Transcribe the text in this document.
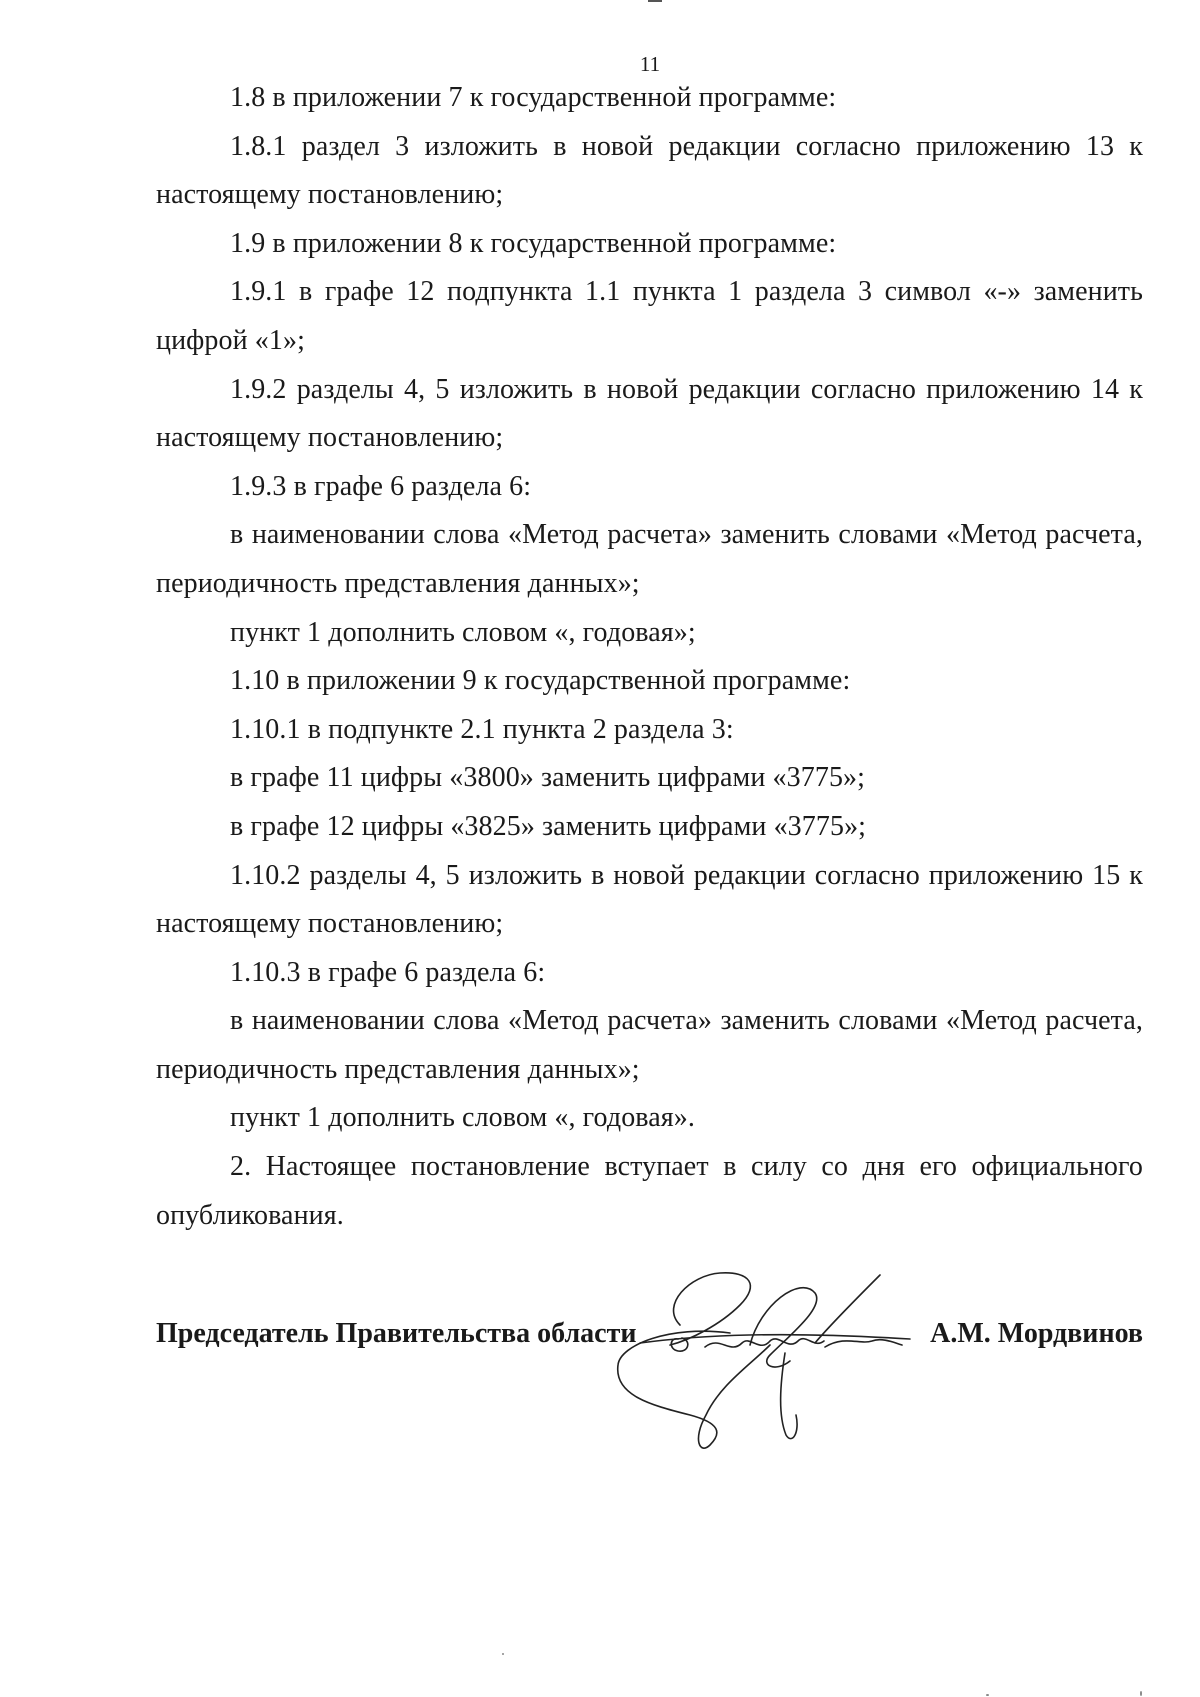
11

1.8 в приложении 7 к государственной программе:

1.8.1 раздел 3 изложить в новой редакции согласно приложению 13 к настоящему постановлению;

1.9 в приложении 8 к государственной программе:

1.9.1 в графе 12 подпункта 1.1 пункта 1 раздела 3 символ «-» заменить цифрой «1»;

1.9.2 разделы 4, 5 изложить в новой редакции согласно приложению 14 к настоящему постановлению;

1.9.3 в графе 6 раздела 6:

в наименовании слова «Метод расчета» заменить словами «Метод расчета, периодичность представления данных»;

пункт 1 дополнить словом «, годовая»;

1.10 в приложении 9 к государственной программе:

1.10.1 в подпункте 2.1 пункта 2 раздела 3:

в графе 11 цифры «3800» заменить цифрами «3775»;

в графе 12 цифры «3825» заменить цифрами «3775»;

1.10.2 разделы 4, 5 изложить в новой редакции согласно приложению 15 к настоящему постановлению;

1.10.3 в графе 6 раздела 6:

в наименовании слова «Метод расчета» заменить словами «Метод расчета, периодичность представления данных»;

пункт 1 дополнить словом «, годовая».

2. Настоящее постановление вступает в силу со дня его официального опубликования.

Председатель Правительства области	А.М. Мордвинов
